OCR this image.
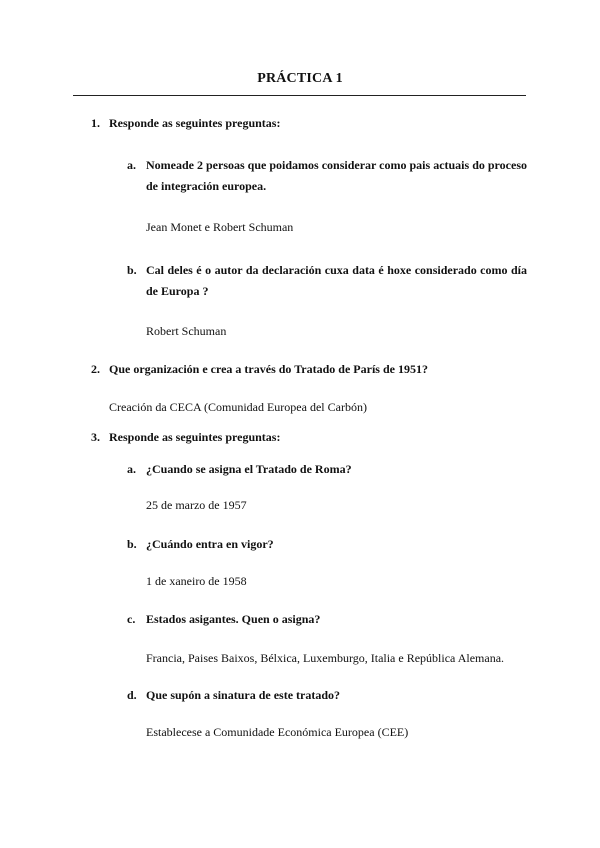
PRÁCTICA 1
1. Responde as seguintes preguntas:
a. Nomeade 2 persoas que poidamos considerar como pais actuais do proceso de integración europea.
Jean Monet e Robert Schuman
b. Cal deles é o autor da declaración cuxa data é hoxe considerado como día de Europa ?
Robert Schuman
2. Que organización e crea a través do Tratado de París de 1951?
Creación da CECA (Comunidad Europea del Carbón)
3. Responde as seguintes preguntas:
a. ¿Cuando se asigna el Tratado de Roma?
25 de marzo de 1957
b. ¿Cuándo entra en vigor?
1 de xaneiro de 1958
c. Estados asigantes. Quen o asigna?
Francia, Paises Baixos, Bélxica, Luxemburgo, Italia e República Alemana.
d. Que supón a sinatura de este tratado?
Establecese a Comunidade Económica Europea (CEE)
